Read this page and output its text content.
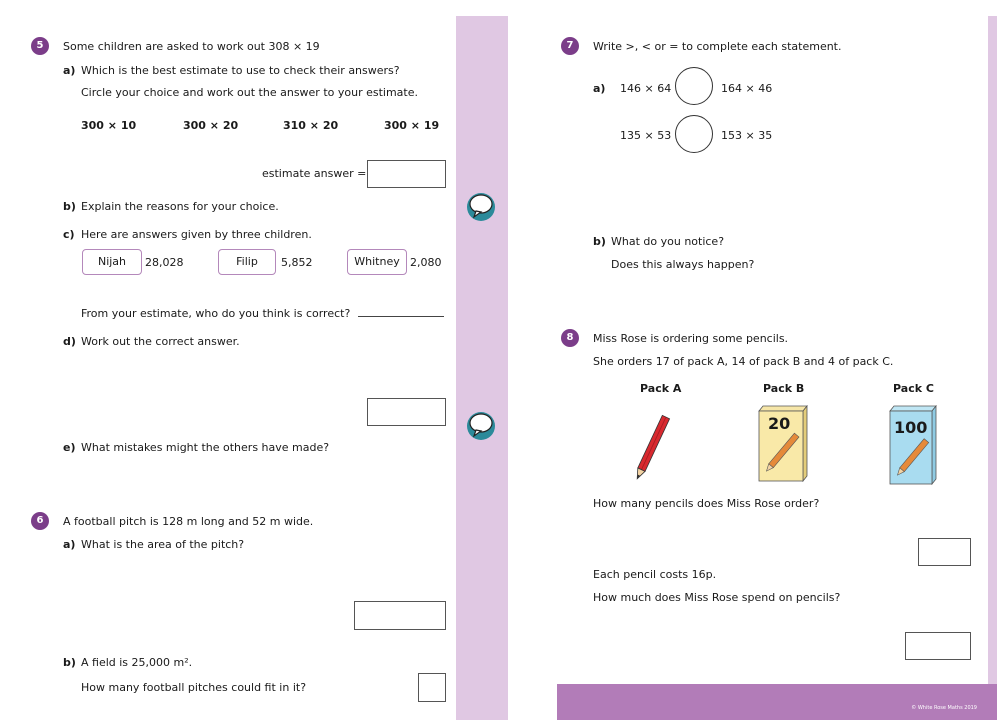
© White Rose Maths 2019
5	Some children are asked to work out 308 × 19
a) Which is the best estimate to use to check their answers?
Circle your choice and work out the answer to your estimate.
300 × 10	300 × 20	310 × 20	300 × 19
estimate answer =
b) Explain the reasons for your choice.
c) Here are answers given by three children.
Nijah	28,028	Filip	5,852	Whitney 2,080
From your estimate, who do you think is correct?
d) Work out the correct answer.
e) What mistakes might the others have made?
6	A football pitch is 128 m long and 52 m wide.
a) What is the area of the pitch?
b) A field is 25,000 m².
How many football pitches could fit in it?
7	Write >, < or = to complete each statement.
a) 146 × 64	164 × 46
135 × 53	153 × 35
b) What do you notice?
Does this always happen?
8	Miss Rose is ordering some pencils.
She orders 17 of pack A, 14 of pack B and 4 of pack C.
Pack A	Pack B	Pack C
20	100
How many pencils does Miss Rose order?
Each pencil costs 16p.
How much does Miss Rose spend on pencils?
